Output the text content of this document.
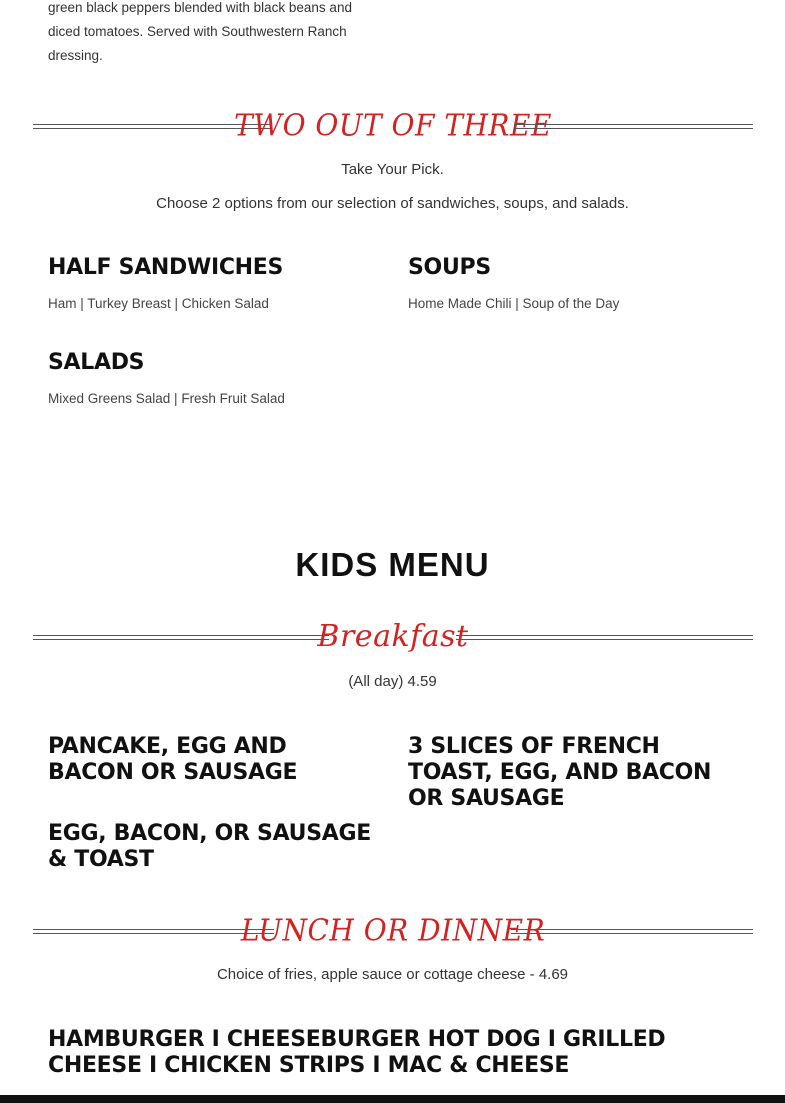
green black peppers blended with black beans and diced tomatoes. Served with Southwestern Ranch dressing.
TWO OUT OF THREE
Take Your Pick.
Choose 2 options from our selection of sandwiches, soups, and salads.
HALF SANDWICHES
Ham | Turkey Breast | Chicken Salad
SOUPS
Home Made Chili | Soup of the Day
SALADS
Mixed Greens Salad | Fresh Fruit Salad
KIDS MENU
Breakfast
(All day) 4.59
PANCAKE, EGG AND BACON OR SAUSAGE
3 SLICES OF FRENCH TOAST, EGG, AND BACON OR SAUSAGE
EGG, BACON, OR SAUSAGE & TOAST
LUNCH OR DINNER
Choice of fries, apple sauce or cottage cheese - 4.69
HAMBURGER I CHEESEBURGER HOT DOG I GRILLED CHEESE I CHICKEN STRIPS I MAC & CHEESE
